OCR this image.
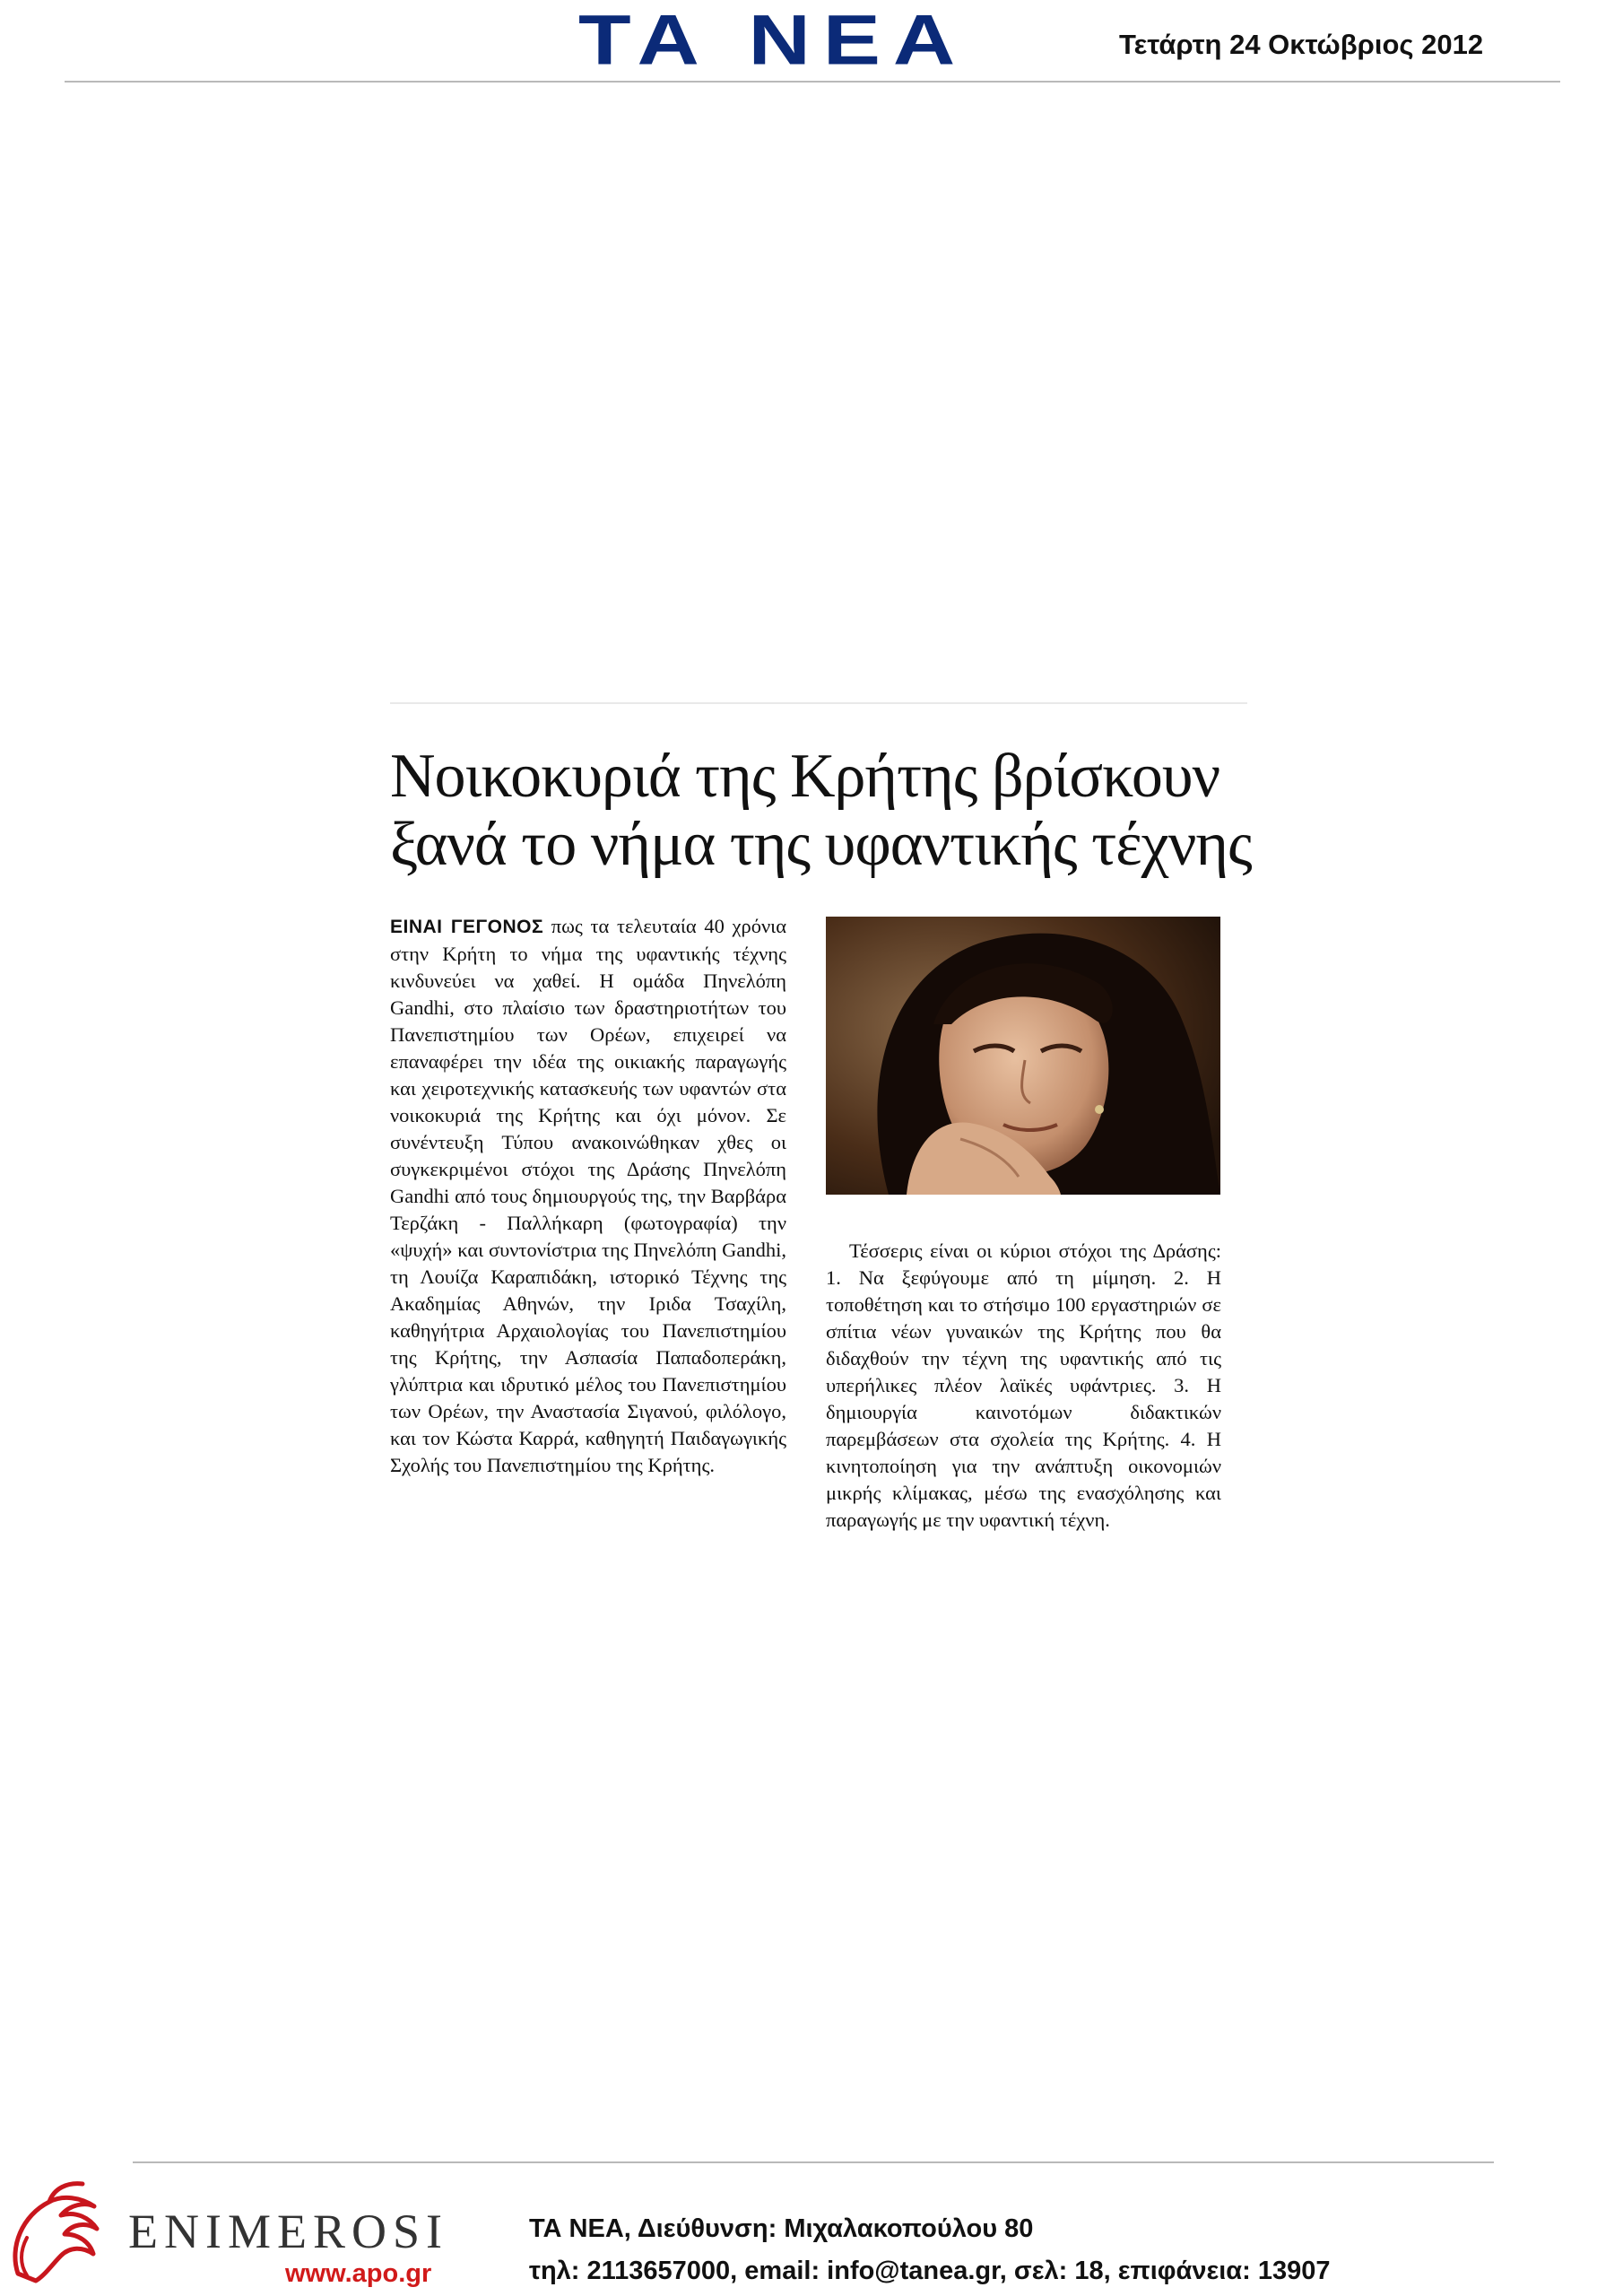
ΤΑ ΝΕΑ	Τετάρτη 24 Οκτώβριος 2012
Νοικοκυριά της Κρήτης βρίσκουν
ξανά το νήμα της υφαντικής τέχνης

ΕΙΝΑΙ ΓΕΓΟΝΟΣ πως τα τελευταία 40 χρόνια στην Κρήτη το νήμα της υφαντικής τέχνης κινδυνεύει να χαθεί. Η ομάδα Πηνελόπη Gandhi, στο πλαίσιο των δραστηριοτήτων του Πανεπιστημίου των Ορέων, επιχειρεί να επαναφέρει την ιδέα της οικιακής παραγωγής και χειροτεχνικής κατασκευής των υφαντών στα νοικοκυριά της Κρήτης και όχι μόνον. Σε συνέντευξη Τύπου ανακοινώθηκαν χθες οι συγκεκριμένοι στόχοι της Δράσης Πηνελόπη Gandhi από τους δημιουργούς της, την Βαρβάρα Τερζάκη - Παλλήκαρη (φωτογραφία) την «ψυχή» και συντονίστρια της Πηνελόπη Gandhi, τη Λουίζα Καραπιδάκη, ιστορικό Τέχνης της Ακαδημίας Αθηνών, την Ιριδα Τσαχίλη, καθηγήτρια Αρχαιολογίας του Πανεπιστημίου της Κρήτης, την Ασπασία Παπαδοπεράκη, γλύπτρια και ιδρυτικό μέλος του Πανεπιστημίου των Ορέων, την Αναστασία Σιγανού, φιλόλογο, και τον Κώστα Καρρά, καθηγητή Παιδαγωγικής Σχολής του Πανεπιστημίου της Κρήτης.

Τέσσερις είναι οι κύριοι στόχοι της Δράσης: 1. Να ξεφύγουμε από τη μίμηση. 2. Η τοποθέτηση και το στήσιμο 100 εργαστηριών σε σπίτια νέων γυναικών της Κρήτης που θα διδαχθούν την τέχνη της υφαντικής από τις υπερήλικες πλέον λαϊκές υφάντριες. 3. Η δημιουργία καινοτόμων διδακτικών παρεμβάσεων στα σχολεία της Κρήτης. 4. Η κινητοποίηση για την ανάπτυξη οικονομιών μικρής κλίμακας, μέσω της ενασχόλησης και παραγωγής με την υφαντική τέχνη.

ENIMEROSI
www.apo.gr
ΤΑ ΝΕΑ, Διεύθυνση: Μιχαλακοπούλου 80
τηλ: 2113657000, email: info@tanea.gr, σελ: 18, επιφάνεια: 13907
